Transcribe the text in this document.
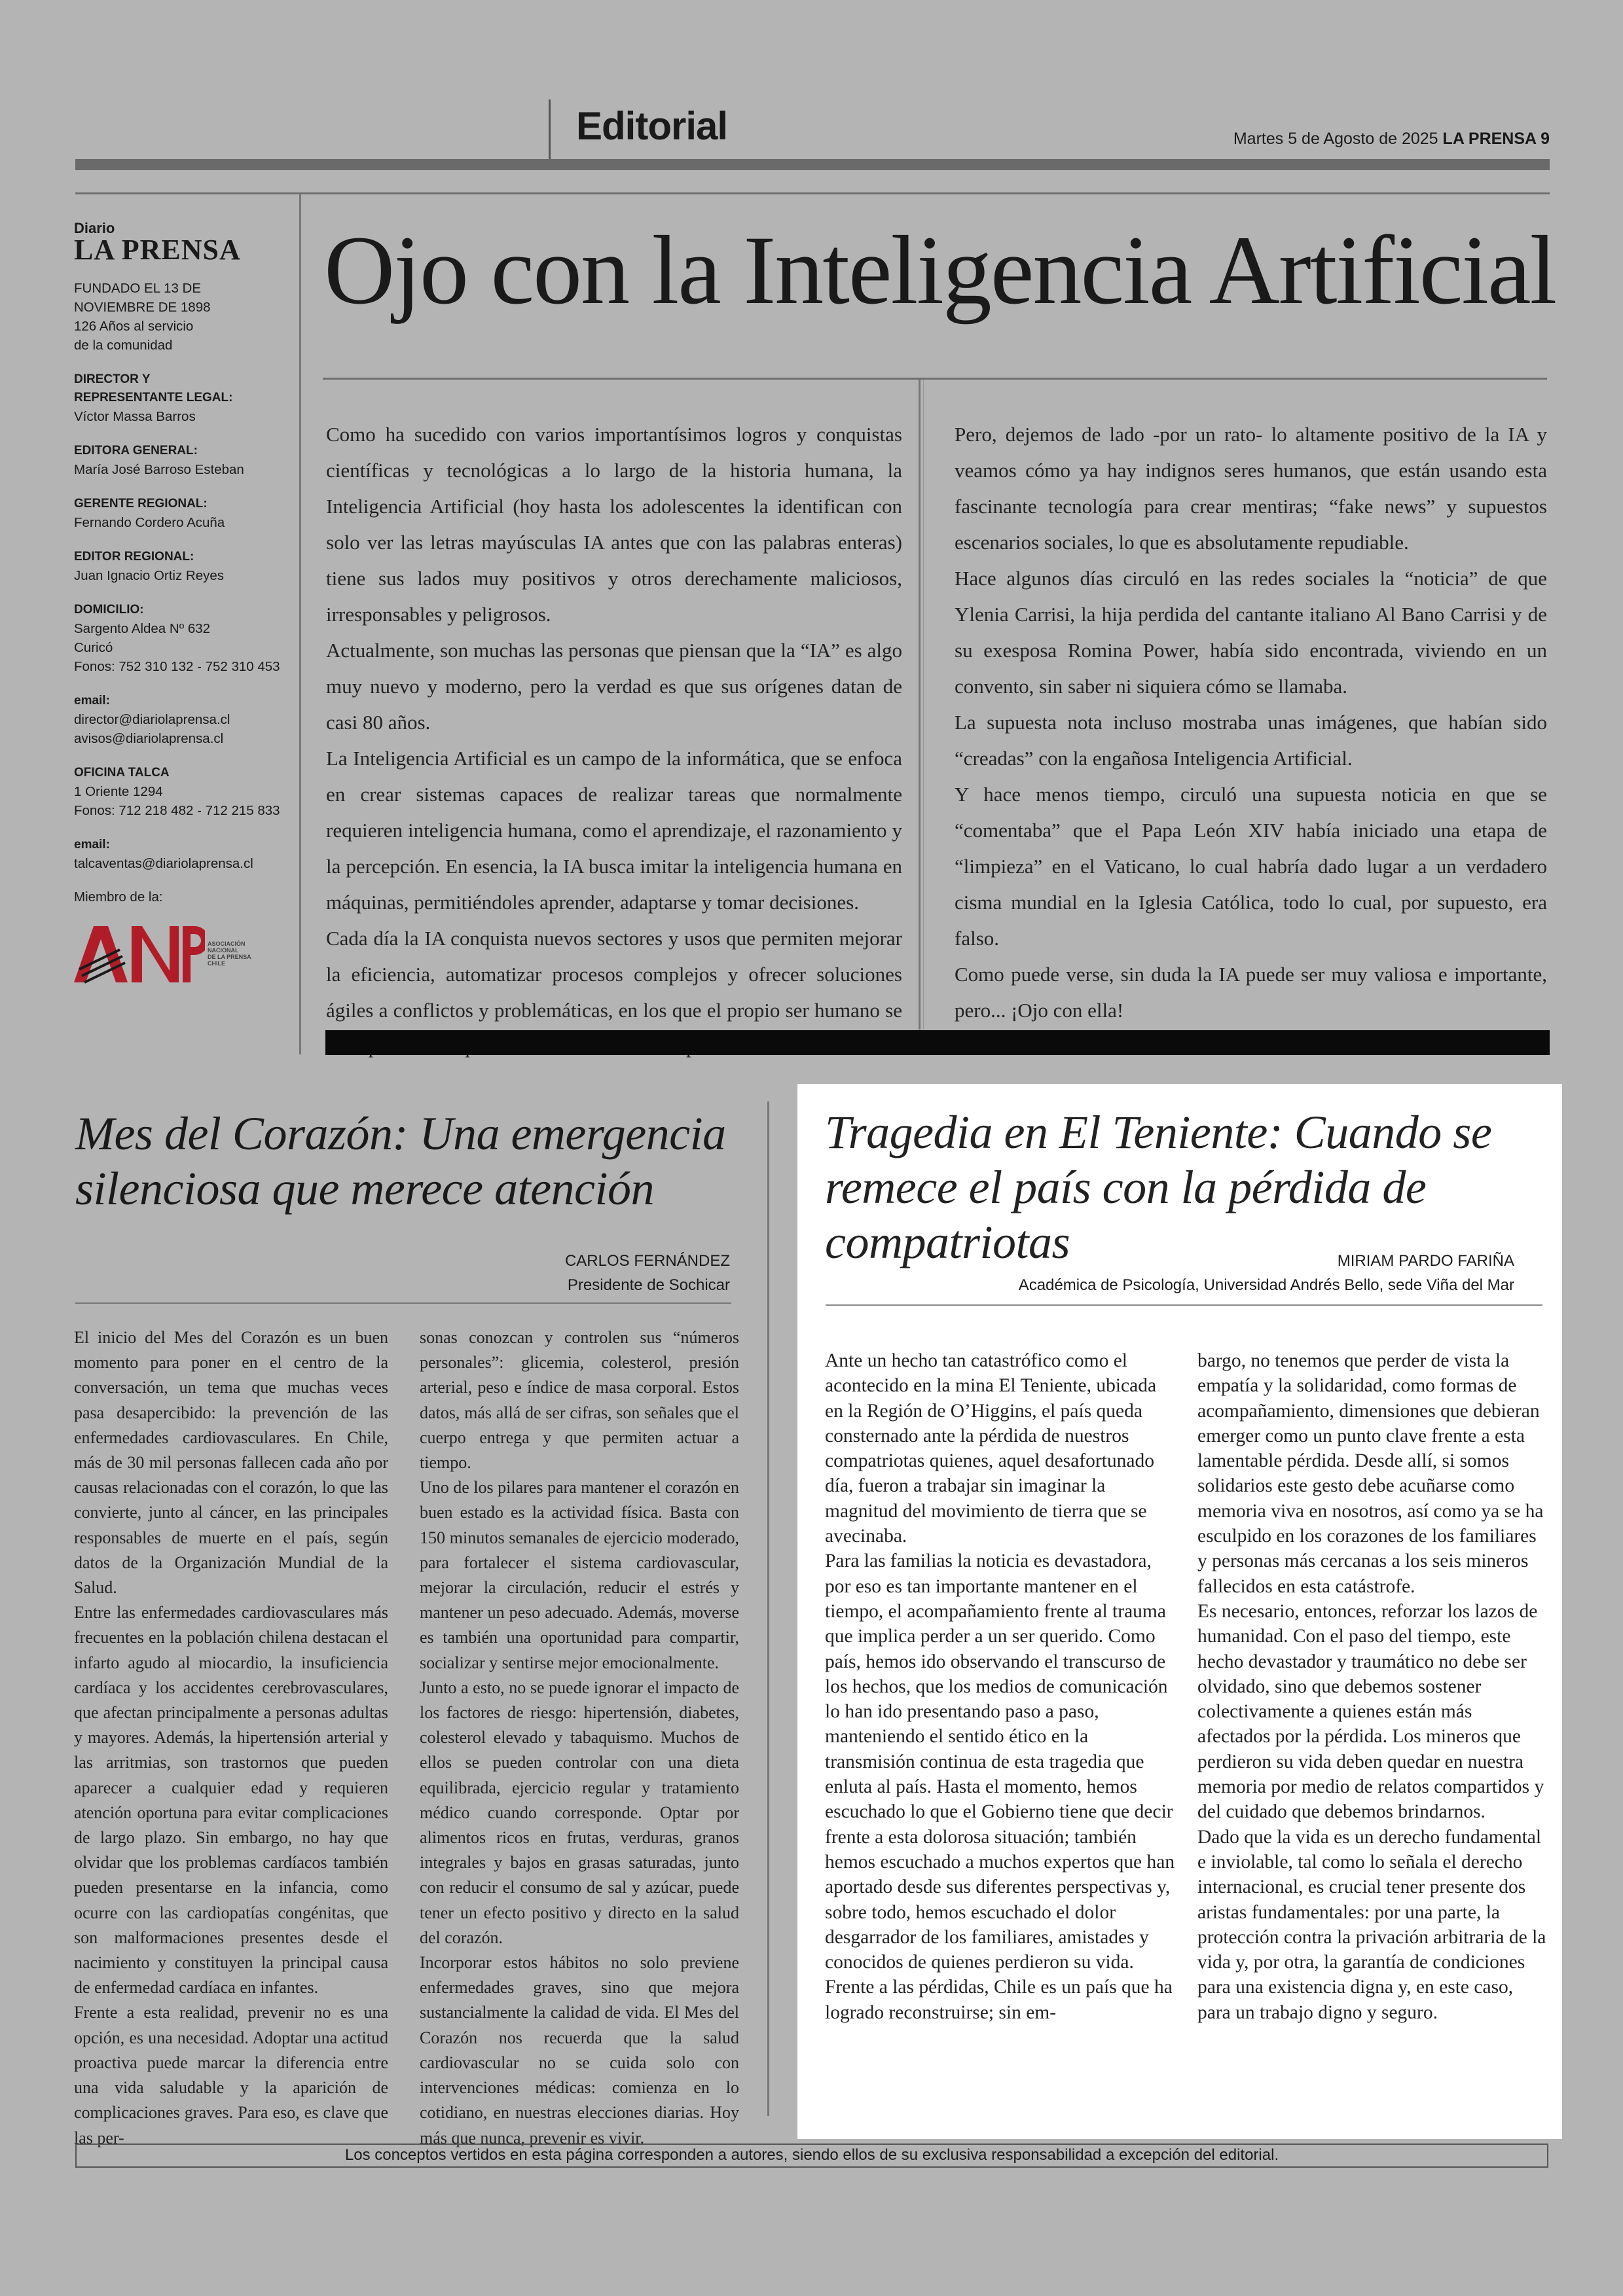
Editorial	Martes 5 de Agosto de 2025 LA PRENSA 9
Diario
LA PRENSA
FUNDADO EL 13 DE
NOVIEMBRE DE 1898
126 Años al servicio
de la comunidad
DIRECTOR Y
REPRESENTANTE LEGAL:
Víctor Massa Barros
EDITORA GENERAL:
María José Barroso Esteban
GERENTE REGIONAL:
Fernando Cordero Acuña
EDITOR REGIONAL:
Juan Ignacio Ortiz Reyes
DOMICILIO:
Sargento Aldea Nº 632
Curicó
Fonos: 752 310 132 - 752 310 453
email:
director@diariolaprensa.cl
avisos@diariolaprensa.cl
OFICINA TALCA
1 Oriente 1294
Fonos: 712 218 482 - 712 215 833
email:
talcaventas@diariolaprensa.cl
Miembro de la:
ASOCIACIÓN
NACIONAL
DE LA PRENSA
CHILE
Ojo con la Inteligencia Artificial

Como ha sucedido con varios importantísimos logros y conquistas científicas y tecnológicas a lo largo de la historia humana, la Inteligencia Artificial (hoy hasta los adolescentes la identifican con solo ver las letras mayúsculas IA antes que con las palabras enteras) tiene sus lados muy positivos y otros derechamente maliciosos, irresponsables y peligrosos.

Actualmente, son muchas las personas que piensan que la “IA” es algo muy nuevo y moderno, pero la verdad es que sus orígenes datan de casi 80 años.

La Inteligencia Artificial es un campo de la informática, que se enfoca en crear sistemas capaces de realizar tareas que normalmente requieren inteligencia humana, como el aprendizaje, el razonamiento y la percepción. En esencia, la IA busca imitar la inteligencia humana en máquinas, permitiéndoles aprender, adaptarse y tomar decisiones.

Cada día la IA conquista nuevos sectores y usos que permiten mejorar la eficiencia, automatizar procesos complejos y ofrecer soluciones ágiles a conflictos y problemáticas, en los que el propio ser humano se

Pero, dejemos de lado -por un rato- lo altamente positivo de la IA y veamos cómo ya hay indignos seres humanos, que están usando esta fascinante tecnología para crear mentiras; “fake news” y supuestos escenarios sociales, lo que es absolutamente repudiable.

Hace algunos días circuló en las redes sociales la “noticia” de que Ylenia Carrisi, la hija perdida del cantante italiano Al Bano Carrisi y de su exesposa Romina Power, había sido encontrada, viviendo en un convento, sin saber ni siquiera cómo se llamaba.

La supuesta nota incluso mostraba unas imágenes, que habían sido “creadas” con la engañosa Inteligencia Artificial.

Y hace menos tiempo, circuló una supuesta noticia en que se “comentaba” que el Papa León XIV había iniciado una etapa de “limpieza” en el Vaticano, lo cual habría dado lugar a un verdadero cisma mundial en la Iglesia Católica, todo lo cual, por supuesto, era falso.

Como puede verse, sin duda la IA puede ser muy valiosa e importante, pero... ¡Ojo con ella!

Mes del Corazón: Una emergencia silenciosa que merece atención
CARLOS FERNÁNDEZ
Presidente de Sochicar

El inicio del Mes del Corazón es un buen momento para poner en el centro de la conversación, un tema que muchas veces pasa desapercibido: la prevención de las enfermedades cardiovasculares. En Chile, más de 30 mil personas fallecen cada año por causas relacionadas con el corazón, lo que las convierte, junto al cáncer, en las principales responsables de muerte en el país, según datos de la Organización Mundial de la Salud.

Entre las enfermedades cardiovasculares más frecuentes en la población chilena destacan el infarto agudo al miocardio, la insuficiencia cardíaca y los accidentes cerebrovasculares, que afectan principalmente a personas adultas y mayores. Además, la hipertensión arterial y las arritmias, son trastornos que pueden aparecer a cualquier edad y requieren atención oportuna para evitar complicaciones de largo plazo. Sin embargo, no hay que olvidar que los problemas cardíacos también pueden presentarse en la infancia, como ocurre con las cardiopatías congénitas, que son malformaciones presentes desde el nacimiento y constituyen la principal causa de enfermedad cardíaca en infantes.

Frente a esta realidad, prevenir no es una opción, es una necesidad. Adoptar una actitud proactiva puede marcar la diferencia entre una vida saludable y la aparición de complicaciones graves. Para eso, es clave que las per-

sonas conozcan y controlen sus “números personales”: glicemia, colesterol, presión arterial, peso e índice de masa corporal. Estos datos, más allá de ser cifras, son señales que el cuerpo entrega y que permiten actuar a tiempo.

Uno de los pilares para mantener el corazón en buen estado es la actividad física. Basta con 150 minutos semanales de ejercicio moderado, para fortalecer el sistema cardiovascular, mejorar la circulación, reducir el estrés y mantener un peso adecuado. Además, moverse es también una oportunidad para compartir, socializar y sentirse mejor emocionalmente.

Junto a esto, no se puede ignorar el impacto de los factores de riesgo: hipertensión, diabetes, colesterol elevado y tabaquismo. Muchos de ellos se pueden controlar con una dieta equilibrada, ejercicio regular y tratamiento médico cuando corresponde. Optar por alimentos ricos en frutas, verduras, granos integrales y bajos en grasas saturadas, junto con reducir el consumo de sal y azúcar, puede tener un efecto positivo y directo en la salud del corazón.

Incorporar estos hábitos no solo previene enfermedades graves, sino que mejora sustancialmente la calidad de vida. El Mes del Corazón nos recuerda que la salud cardiovascular no se cuida solo con intervenciones médicas: comienza en lo cotidiano, en nuestras elecciones diarias. Hoy más que nunca, prevenir es vivir.

Tragedia en El Teniente: Cuando se remece el país con la pérdida de compatriotas	MIRIAM PARDO FARIÑA
Académica de Psicología, Universidad Andrés Bello, sede Viña del Mar

Ante un hecho tan catastrófico como el acontecido en la mina El Teniente, ubicada en la Región de O’Higgins, el país queda consternado ante la pérdida de nuestros compatriotas quienes, aquel desafortunado día, fueron a trabajar sin imaginar la magnitud del movimiento de tierra que se avecinaba.

Para las familias la noticia es devastadora, por eso es tan importante mantener en el tiempo, el acompañamiento frente al trauma que implica perder a un ser querido. Como país, hemos ido observando el transcurso de los hechos, que los medios de comunicación lo han ido presentando paso a paso, manteniendo el sentido ético en la transmisión continua de esta tragedia que enluta al país. Hasta el momento, hemos escuchado lo que el Gobierno tiene que decir frente a esta dolorosa situación; también hemos escuchado a muchos expertos que han aportado desde sus diferentes perspectivas y, sobre todo, hemos escuchado el dolor desgarrador de los familiares, amistades y conocidos de quienes perdieron su vida.

Frente a las pérdidas, Chile es un país que ha logrado reconstruirse; sin em-

bargo, no tenemos que perder de vista la empatía y la solidaridad, como formas de acompañamiento, dimensiones que debieran emerger como un punto clave frente a esta lamentable pérdida. Desde allí, si somos solidarios este gesto debe acuñarse como memoria viva en nosotros, así como ya se ha esculpido en los corazones de los familiares y personas más cercanas a los seis mineros fallecidos en esta catástrofe.

Es necesario, entonces, reforzar los lazos de humanidad. Con el paso del tiempo, este hecho devastador y traumático no debe ser olvidado, sino que debemos sostener colectivamente a quienes están más afectados por la pérdida. Los mineros que perdieron su vida deben quedar en nuestra memoria por medio de relatos compartidos y del cuidado que debemos brindarnos.

Dado que la vida es un derecho fundamental e inviolable, tal como lo señala el derecho internacional, es crucial tener presente dos aristas fundamentales: por una parte, la protección contra la privación arbitraria de la vida y, por otra, la garantía de condiciones para una existencia digna y, en este caso, para un trabajo digno y seguro.

Los conceptos vertidos en esta página corresponden a autores, siendo ellos de su exclusiva responsabilidad a excepción del editorial.
